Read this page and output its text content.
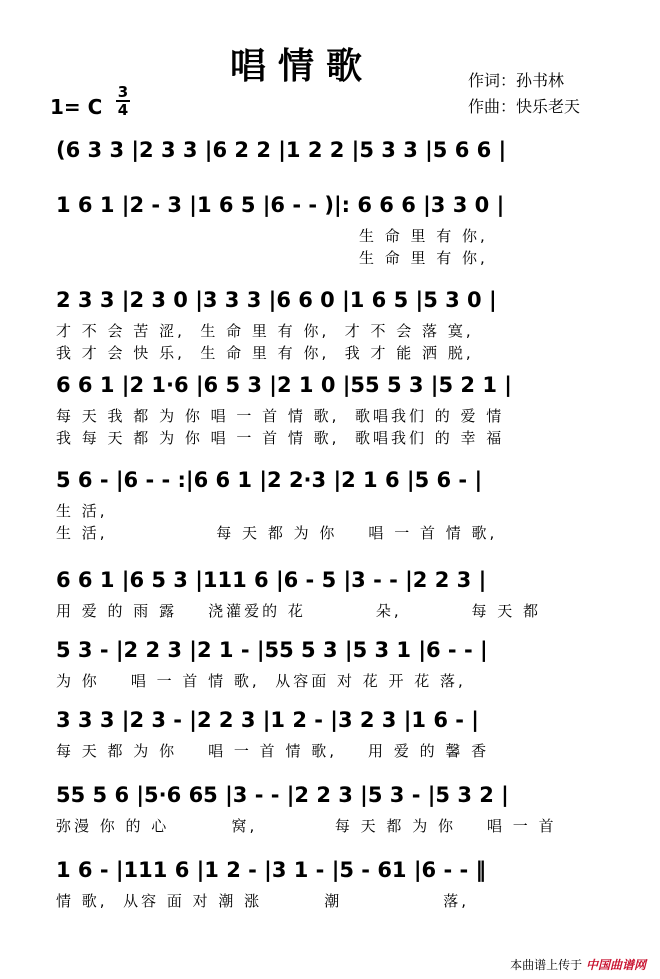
唱情歌	作词：孙书林
作曲：快乐老天
1= C
3
4
(6 3 3 |2 3 3 |6 2 2 |1 2 2 |5 3 3 |5 6 6 |
1 6 1 |2 - 3 |1 6 5 |6 - - )|: 6 6 6 |3 3 0 |
生 命 里 有 你,
生 命 里 有 你,
2 3 3 |2 3 0 |3 3 3 |6 6 0 |1 6 5 |5 3 0 |
才 不 会 苦 涩,  生 命 里 有 你,  才 不 会 落 寞,
我 才 会 快 乐,  生 命 里 有 你,  我 才 能 洒 脱,
6 6 1 |2 1·6 |6 5 3 |2 1 0 |55 5 3 |5 2 1 |
每 天 我 都 为 你 唱 一 首 情 歌,  歌唱我们 的 爱 情
我 每 天 都 为 你 唱 一 首 情 歌,  歌唱我们 的 幸 福
5 6 - |6 - - :|6 6 1 |2 2·3 |2 1 6 |5 6 - |
生 活,
生 活,              每 天 都 为 你    唱 一 首 情 歌,
6 6 1 |6 5 3 |111 6 |6 - 5 |3 - - |2 2 3 |
用 爱 的 雨 露    浇灌爱的 花         朵,         每 天 都
5 3 - |2 2 3 |2 1 - |55 5 3 |5 3 1 |6 - - |
为 你    唱 一 首 情 歌,  从容面 对 花 开 花 落,
3 3 3 |2 3 - |2 2 3 |1 2 - |3 2 3 |1 6 - |
每 天 都 为 你    唱 一 首 情 歌,    用 爱 的 馨 香
55 5 6 |5·6 65 |3 - - |2 2 3 |5 3 - |5 3 2 |
弥漫 你 的 心        窝,          每 天 都 为 你    唱 一 首
1 6 - |111 6 |1 2 - |3 1 - |5 - 61 |6 - - ‖
情 歌,  从容 面 对 潮 涨        潮             落,
本曲谱上传于 中国曲谱网
